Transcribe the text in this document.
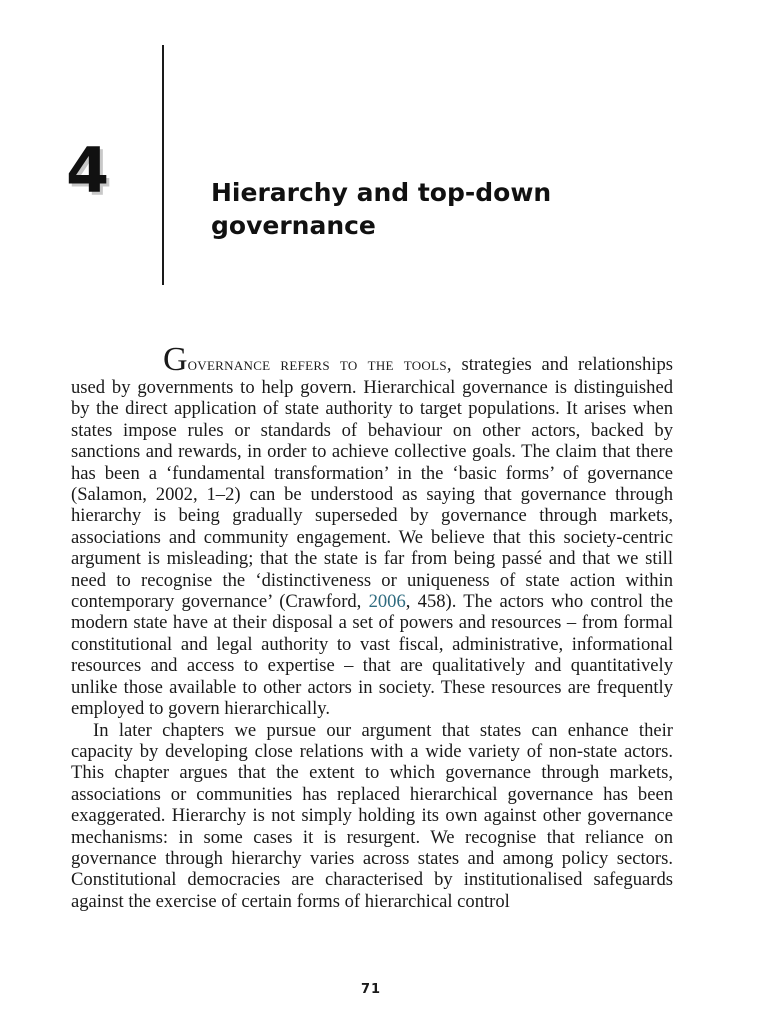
4	Hierarchy and top-down governance

Governance refers to the tools, strategies and relationships used by governments to help govern. Hierarchical governance is distinguished by the direct application of state authority to target populations. It arises when states impose rules or standards of behaviour on other actors, backed by sanctions and rewards, in order to achieve collective goals. The claim that there has been a ‘fundamental transformation’ in the ‘basic forms’ of governance (Salamon, 2002, 1–2) can be understood as saying that governance through hierarchy is being gradually superseded by governance through markets, associations and community engagement. We believe that this society-centric argument is misleading; that the state is far from being passé and that we still need to recognise the ‘distinctiveness or uniqueness of state action within contemporary governance’ (Crawford, 2006, 458). The actors who control the modern state have at their disposal a set of powers and resources – from formal constitutional and legal authority to vast fiscal, administrative, informational resources and access to expertise – that are qualitatively and quantitatively unlike those available to other actors in society. These resources are frequently employed to govern hierarchically.

In later chapters we pursue our argument that states can enhance their capacity by developing close relations with a wide variety of non-state actors. This chapter argues that the extent to which governance through markets, associations or communities has replaced hierarchical governance has been exaggerated. Hierarchy is not simply holding its own against other governance mechanisms: in some cases it is resurgent. We recognise that reliance on governance through hierarchy varies across states and among policy sectors. Constitutional democracies are characterised by institutionalised safeguards against the exercise of certain forms of hierarchical control

71
